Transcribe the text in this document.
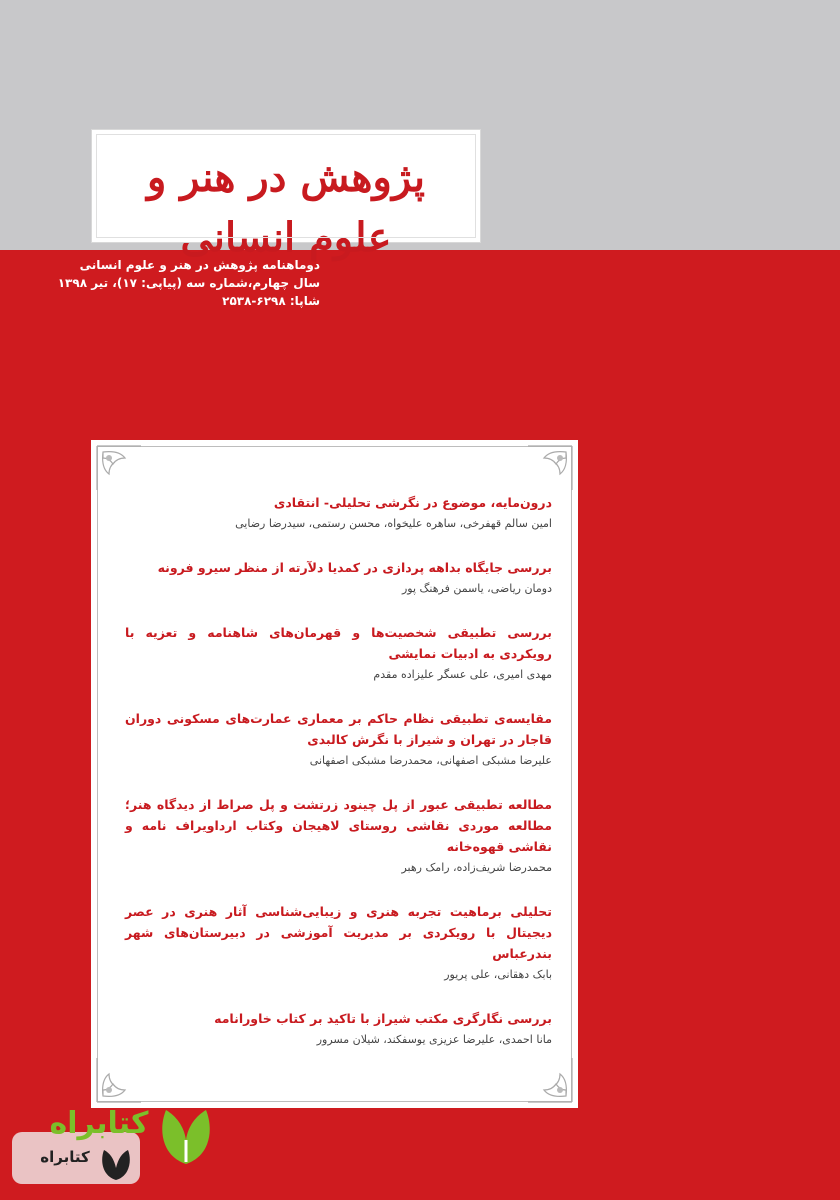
پژوهش در هنر و علوم انسانی
دوماهنامه پژوهش در هنر و علوم انسانی
سال چهارم،شماره سه (پیاپی: ۱۷)، تیر ۱۳۹۸
شاپا: ۶۲۹۸-۲۵۳۸
درون‌مایه، موضوع در نگرشی تحلیلی- انتقادی
امین سالم قهفرخی، ساهره علیخواه، محسن رستمی، سیدرضا رضایی
بررسی جایگاه بداهه پردازی در کمدیا دلآرته از منظر سیرو فرونه
دومان ریاضی، یاسمن فرهنگ پور
بررسی تطبیقی شخصیت‌ها و قهرمان‌های شاهنامه و تعزیه با رویکردی به ادبیات نمایشی
مهدی امیری، علی عسگر علیزاده مقدم
مقایسه‌ی تطبیقی نظام حاکم بر معماری عمارت‌های مسکونی دوران قاجار در تهران و شیراز با نگرش کالبدی
علیرضا مشبکی اصفهانی، محمدرضا مشبکی اصفهانی
مطالعه تطبیقی عبور از پل چینود زرتشت و پل صراط از دیدگاه هنر؛ مطالعه موردی نقاشی روستای لاهیجان وکتاب ارداویراف نامه و نقاشی قهوه‌خانه
محمدرضا شریف‌زاده، رامک رهبر
تحلیلی برماهیت تجربه هنری و زیبایی‌شناسی آثار هنری در عصر دیجیتال با رویکردی بر مدیریت آموزشی در دبیرستان‌های شهر بندرعباس
بابک دهقانی، علی پریور
بررسی نگارگری مکتب شیراز با تاکید بر کتاب خاورانامه
مانا احمدی، علیرضا عزیزی یوسفکند، شیلان مسرور
کتابراه
کتابراه
